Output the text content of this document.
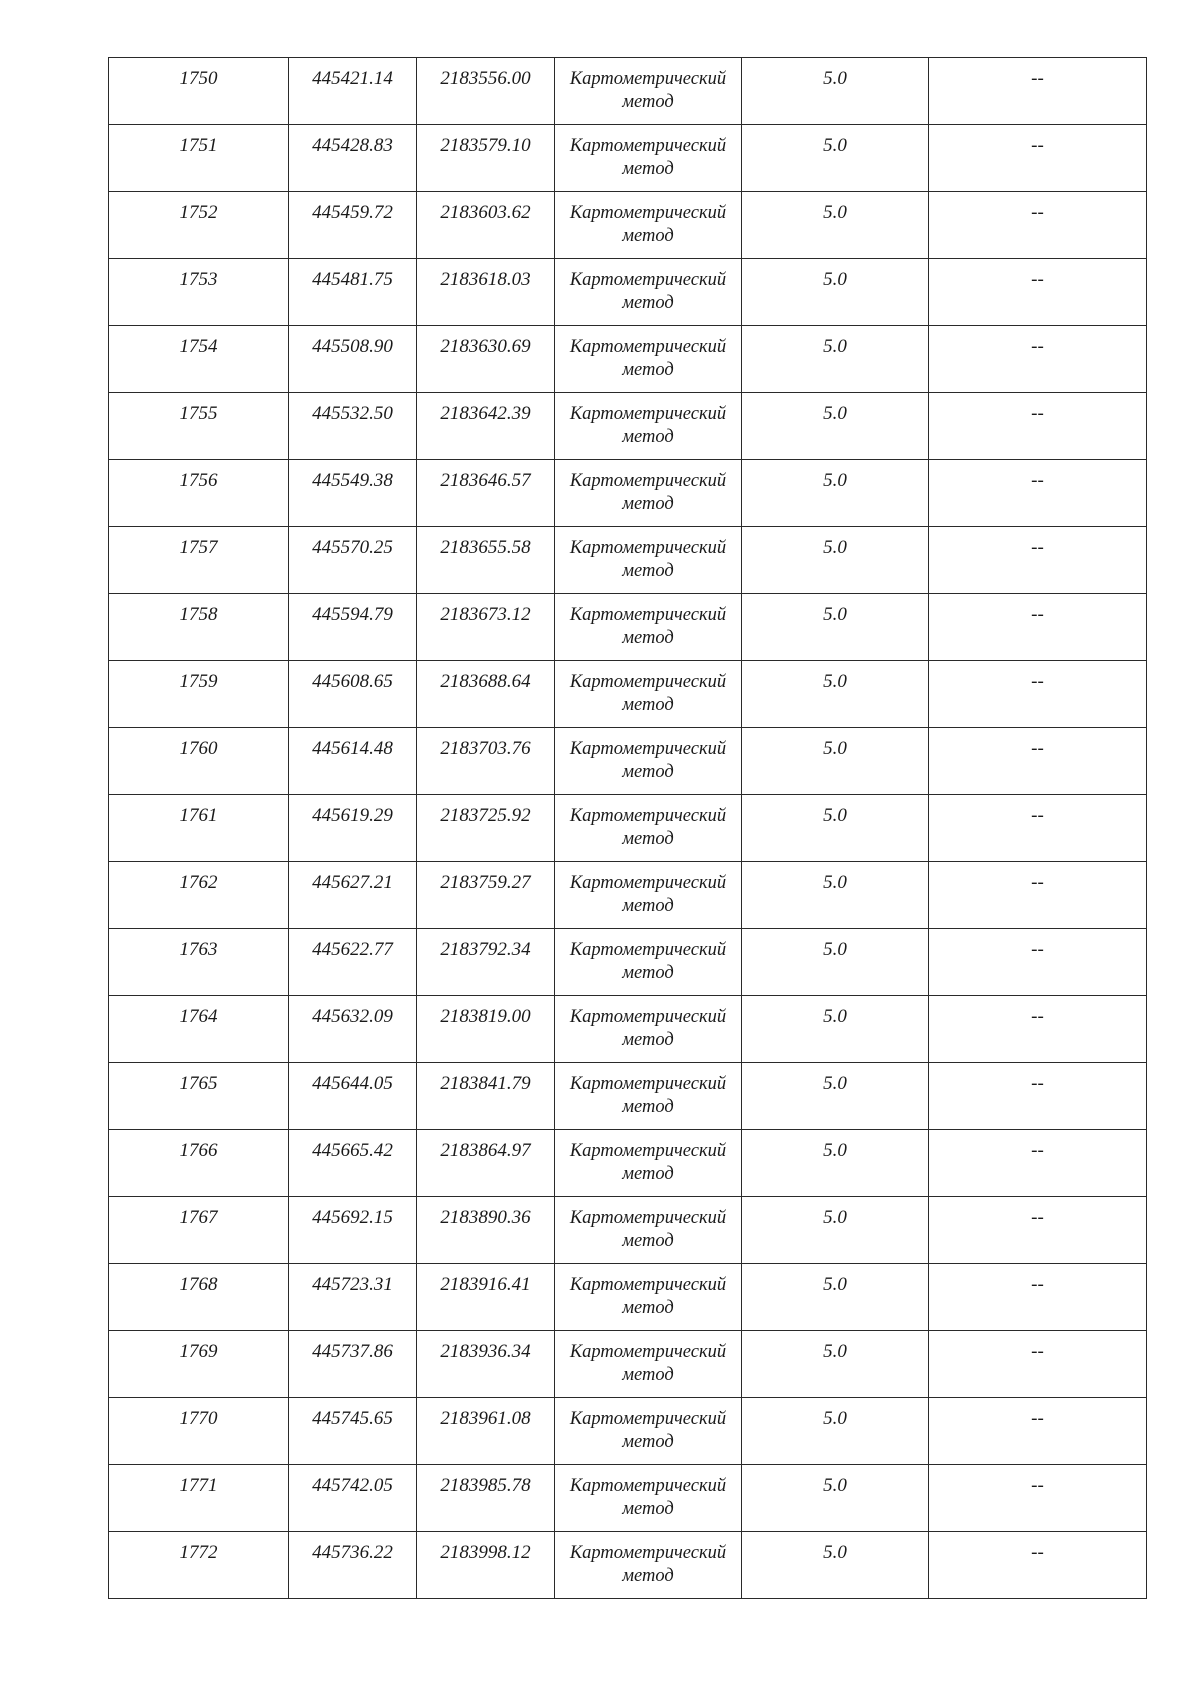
1750	445421.14	2183556.00	Картометрический метод	5.0	--

1751	445428.83	2183579.10	Картометрический метод	5.0	--

1752	445459.72	2183603.62	Картометрический метод	5.0	--

1753	445481.75	2183618.03	Картометрический метод	5.0	--

1754	445508.90	2183630.69	Картометрический метод	5.0	--

1755	445532.50	2183642.39	Картометрический метод	5.0	--

1756	445549.38	2183646.57	Картометрический метод	5.0	--

1757	445570.25	2183655.58	Картометрический метод	5.0	--

1758	445594.79	2183673.12	Картометрический метод	5.0	--

1759	445608.65	2183688.64	Картометрический метод	5.0	--

1760	445614.48	2183703.76	Картометрический метод	5.0	--

1761	445619.29	2183725.92	Картометрический метод	5.0	--

1762	445627.21	2183759.27	Картометрический метод	5.0	--

1763	445622.77	2183792.34	Картометрический метод	5.0	--

1764	445632.09	2183819.00	Картометрический метод	5.0	--

1765	445644.05	2183841.79	Картометрический метод	5.0	--

1766	445665.42	2183864.97	Картометрический метод	5.0	--

1767	445692.15	2183890.36	Картометрический метод	5.0	--

1768	445723.31	2183916.41	Картометрический метод	5.0	--

1769	445737.86	2183936.34	Картометрический метод	5.0	--

1770	445745.65	2183961.08	Картометрический метод	5.0	--

1771	445742.05	2183985.78	Картометрический метод	5.0	--

1772	445736.22	2183998.12	Картометрический метод	5.0	--
